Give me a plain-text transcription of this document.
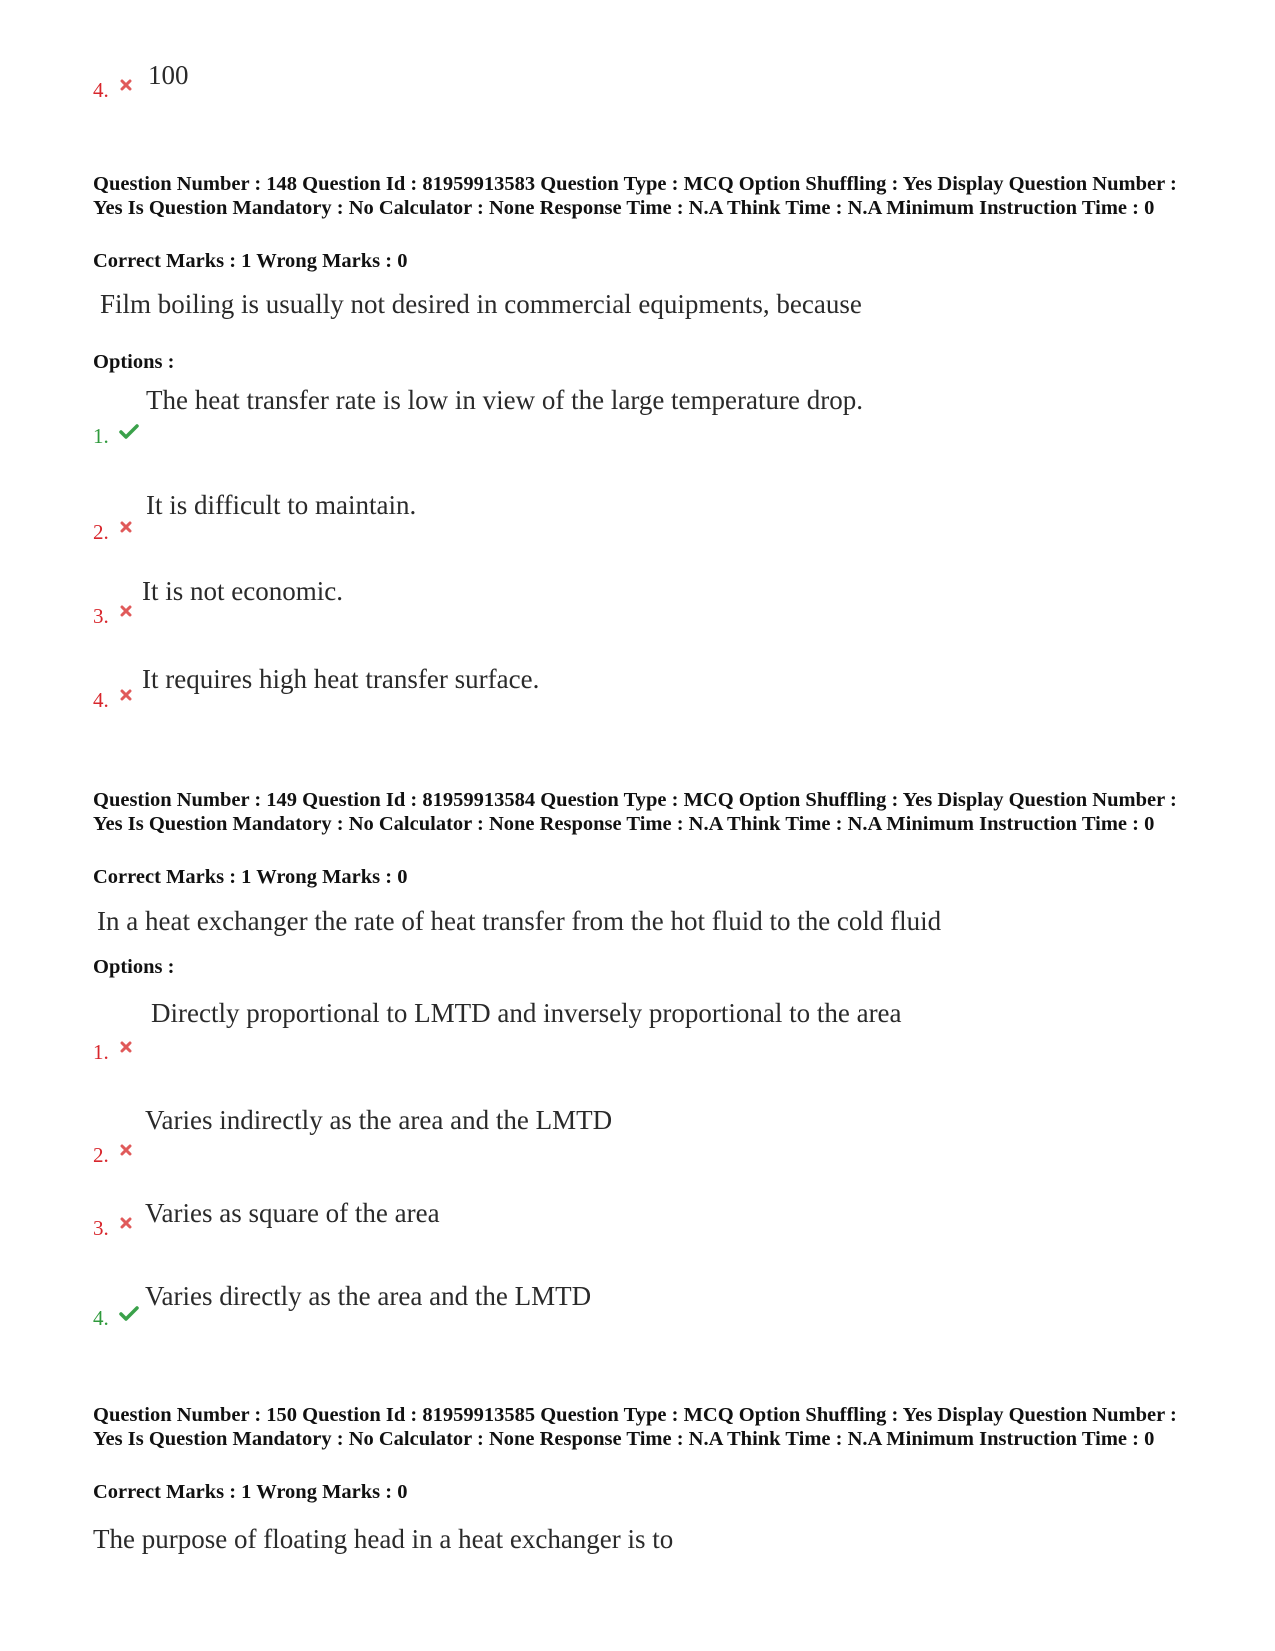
4.	100
Question Number : 148 Question Id : 81959913583 Question Type : MCQ Option Shuffling : Yes Display Question Number : Yes Is Question Mandatory : No Calculator : None Response Time : N.A Think Time : N.A Minimum Instruction Time : 0
Correct Marks : 1 Wrong Marks : 0
Film boiling is usually not desired in commercial equipments, because
Options :
The heat transfer rate is low in view of the large temperature drop.
1.
It is difficult to maintain.
2.
It is not economic.
3.
It requires high heat transfer surface.
4.
Question Number : 149 Question Id : 81959913584 Question Type : MCQ Option Shuffling : Yes Display Question Number : Yes Is Question Mandatory : No Calculator : None Response Time : N.A Think Time : N.A Minimum Instruction Time : 0
Correct Marks : 1 Wrong Marks : 0
In a heat exchanger the rate of heat transfer from the hot fluid to the cold fluid
Options :
Directly proportional to LMTD and inversely proportional to the area
1.
Varies indirectly as the area and the LMTD
2.
Varies as square of the area
3.
Varies directly as the area and the LMTD
4.
Question Number : 150 Question Id : 81959913585 Question Type : MCQ Option Shuffling : Yes Display Question Number : Yes Is Question Mandatory : No Calculator : None Response Time : N.A Think Time : N.A Minimum Instruction Time : 0
Correct Marks : 1 Wrong Marks : 0
The purpose of floating head in a heat exchanger is to
